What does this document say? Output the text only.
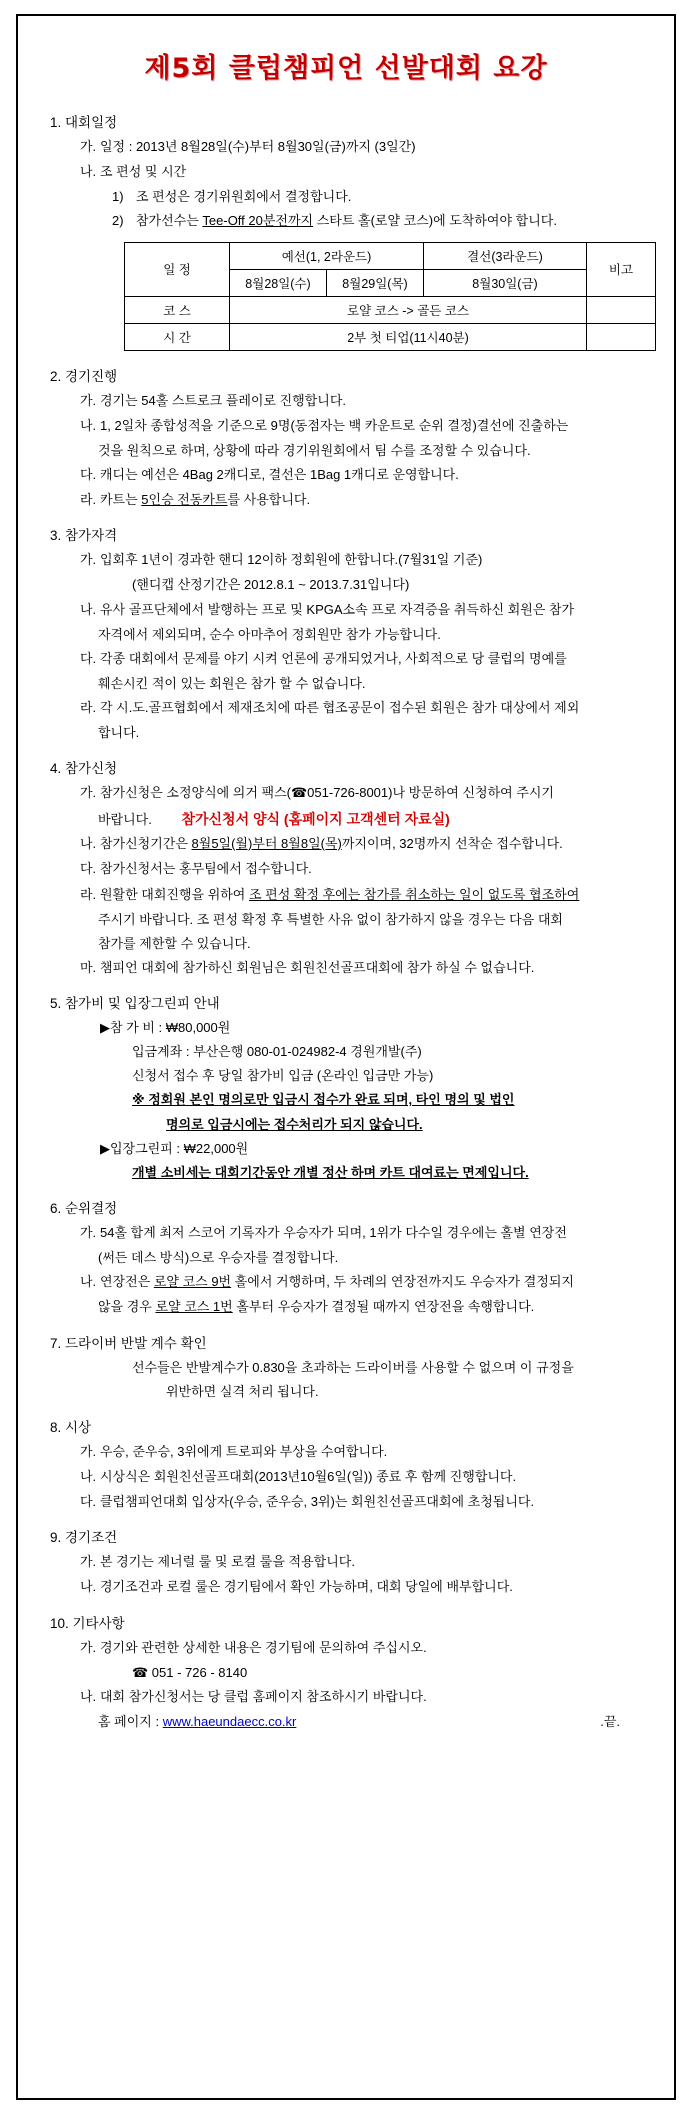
제5회 클럽챔피언 선발대회 요강
1. 대회일정
가. 일정 : 2013년 8월28일(수)부터 8월30일(금)까지 (3일간)
나. 조 편성 및 시간
1) 조 편성은 경기위원회에서 결정합니다.
2) 참가선수는 Tee-Off 20분전까지 스타트 홀(로얄 코스)에 도착하여야 합니다.
일 정	예선(1, 2라운드)		결선(3라운드)	비고
	8월28일(수)	8월29일(목)	8월30일(금)	
코 스	로얄 코스 -> 골든 코스			
시 간	2부 첫 티업(11시40분)			
2. 경기진행
가. 경기는 54홀 스트로크 플레이로 진행합니다.
나. 1, 2일차 종합성적을 기준으로 9명(동점자는 백 카운트로 순위 결정)결선에 진출하는
것을 원칙으로 하며, 상황에 따라 경기위원회에서 팀 수를 조정할 수 있습니다.
다. 캐디는 예선은 4Bag 2캐디로, 결선은 1Bag 1캐디로 운영합니다.
라. 카트는 5인승 전동카트를 사용합니다.
3. 참가자격
가. 입회후 1년이 경과한 핸디 12이하 정회원에 한합니다.(7월31일 기준)
(핸디캡 산정기간은 2012.8.1 ~ 2013.7.31입니다)
나. 유사 골프단체에서 발행하는 프로 및 KPGA소속 프로 자격증을 취득하신 회원은 참가
자격에서 제외되며, 순수 아마추어 정회원만 참가 가능합니다.
다. 각종 대회에서 문제를 야기 시켜 언론에 공개되었거나, 사회적으로 당 클럽의 명예를
훼손시킨 적이 있는 회원은 참가 할 수 없습니다.
라. 각 시.도.골프협회에서 제재조치에 따른 협조공문이 접수된 회원은 참가 대상에서 제외
합니다.
4. 참가신청
가. 참가신청은 소정양식에 의거 팩스(☎051-726-8001)나 방문하여 신청하여 주시기
바랍니다. 참가신청서 양식 (홈페이지 고객센터 자료실)
나. 참가신청기간은 8월5일(월)부터 8월8일(목)까지이며, 32명까지 선착순 접수합니다.
다. 참가신청서는 홍무팀에서 접수합니다.
라. 원활한 대회진행을 위하여 조 편성 확정 후에는 참가를 취소하는 일이 없도록 협조하여
주시기 바랍니다. 조 편성 확정 후 특별한 사유 없이 참가하지 않을 경우는 다음 대회
참가를 제한할 수 있습니다.
마. 챔피언 대회에 참가하신 회원님은 회원친선골프대회에 참가 하실 수 없습니다.
5. 참가비 및 입장그린피 안내
▶참 가 비 : ₩80,000원
입금계좌 : 부산은행 080-01-024982-4 경원개발(주)
신청서 접수 후 당일 참가비 입금 (온라인 입금만 가능)
※ 정회원 본인 명의로만 입금시 접수가 완료 되며, 타인 명의 및 법인
명의로 입금시에는 접수처리가 되지 않습니다.
▶입장그린피 : ₩22,000원
개별 소비세는 대회기간동안 개별 정산 하며 카트 대여료는 면제입니다.
6. 순위결정
가. 54홀 합계 최저 스코어 기록자가 우승자가 되며, 1위가 다수일 경우에는 홀별 연장전
(써든 데스 방식)으로 우승자를 결정합니다.
나. 연장전은 로얄 코스 9번 홀에서 거행하며, 두 차례의 연장전까지도 우승자가 결정되지
않을 경우 로얄 코스 1번 홀부터 우승자가 결정될 때까지 연장전을 속행합니다.
7. 드라이버 반발 계수 확인
선수들은 반발계수가 0.830을 초과하는 드라이버를 사용할 수 없으며 이 규정을
위반하면 실격 처리 됩니다.
8. 시상
가. 우승, 준우승, 3위에게 트로피와 부상을 수여합니다.
나. 시상식은 회원친선골프대회(2013년10월6일(일)) 종료 후 함께 진행합니다.
다. 클럽챔피언대회 입상자(우승, 준우승, 3위)는 회원친선골프대회에 초청됩니다.
9. 경기조건
가. 본 경기는 제너럴 룰 및 로컬 룰을 적용합니다.
나. 경기조건과 로컬 룰은 경기팀에서 확인 가능하며, 대회 당일에 배부합니다.
10. 기타사항
가. 경기와 관련한 상세한 내용은 경기팀에 문의하여 주십시오.
☎ 051 - 726 - 8140
나. 대회 참가신청서는 당 클럽 홈페이지 참조하시기 바랍니다.
홈 페이지 : www.haeundaecc.co.kr	.끝.
